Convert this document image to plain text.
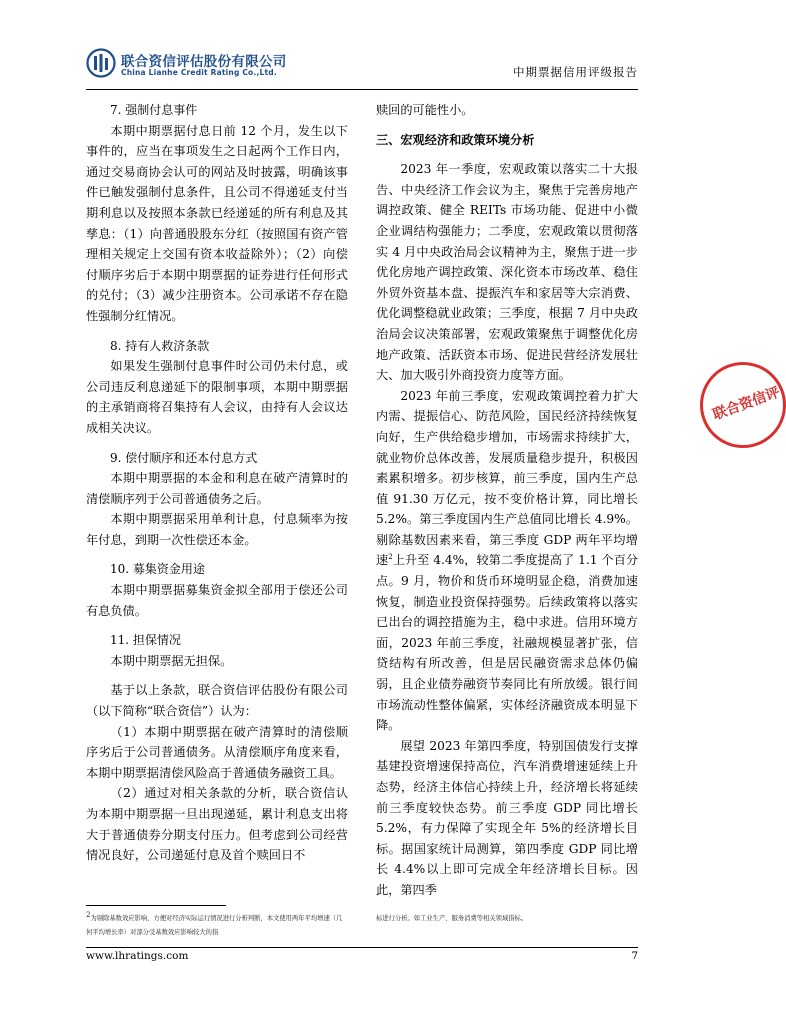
联合资信评估股份有限公司
China Lianhe Credit Rating Co.,Ltd.	中期票据信用评级报告
7. 强制付息事件

本期中期票据付息日前 12 个月，发生以下事件的，应当在事项发生之日起两个工作日内，通过交易商协会认可的网站及时披露，明确该事件已触发强制付息条件，且公司不得递延支付当期利息以及按照本条款已经递延的所有利息及其孳息：（1）向普通股股东分红（按照国有资产管理相关规定上交国有资本收益除外）；（2）向偿付顺序劣后于本期中期票据的证券进行任何形式的兑付；（3）减少注册资本。公司承诺不存在隐性强制分红情况。

8. 持有人救济条款

如果发生强制付息事件时公司仍未付息，或公司违反利息递延下的限制事项，本期中期票据的主承销商将召集持有人会议，由持有人会议达成相关决议。

9. 偿付顺序和还本付息方式

本期中期票据的本金和利息在破产清算时的清偿顺序列于公司普通债务之后。

本期中期票据采用单利计息，付息频率为按年付息，到期一次性偿还本金。

10. 募集资金用途

本期中期票据募集资金拟全部用于偿还公司有息负债。

11. 担保情况

本期中期票据无担保。

基于以上条款，联合资信评估股份有限公司（以下简称“联合资信”）认为：

（1）本期中期票据在破产清算时的清偿顺序劣后于公司普通债务。从清偿顺序角度来看，本期中期票据清偿风险高于普通债务融资工具。

（2）通过对相关条款的分析，联合资信认为本期中期票据一旦出现递延，累计利息支出将大于普通债券分期支付压力。但考虑到公司经营情况良好，公司递延付息及首个赎回日不

赎回的可能性小。

三、宏观经济和政策环境分析

2023 年一季度，宏观政策以落实二十大报告、中央经济工作会议为主，聚焦于完善房地产调控政策、健全 REITs 市场功能、促进中小微企业调结构强能力；二季度，宏观政策以贯彻落实 4 月中央政治局会议精神为主，聚焦于进一步优化房地产调控政策、深化资本市场改革、稳住外贸外资基本盘、提振汽车和家居等大宗消费、优化调整稳就业政策；三季度，根据 7 月中央政治局会议决策部署，宏观政策聚焦于调整优化房地产政策、活跃资本市场、促进民营经济发展壮大、加大吸引外商投资力度等方面。

2023 年前三季度，宏观政策调控着力扩大内需、提振信心、防范风险，国民经济持续恢复向好，生产供给稳步增加，市场需求持续扩大，就业物价总体改善，发展质量稳步提升，积极因素累积增多。初步核算，前三季度，国内生产总值 91.30 万亿元，按不变价格计算，同比增长 5.2%。第三季度国内生产总值同比增长 4.9%。剔除基数因素来看，第三季度 GDP 两年平均增速$^2$上升至 4.4%，较第二季度提高了 1.1 个百分点。9 月，物价和货币环境明显企稳，消费加速恢复，制造业投资保持强势。后续政策将以落实已出台的调控措施为主，稳中求进。信用环境方面，2023 年前三季度，社融规模显著扩张，信贷结构有所改善，但是居民融资需求总体仍偏弱，且企业债券融资节奏同比有所放缓。银行间市场流动性整体偏紧，实体经济融资成本明显下降。

展望 2023 年第四季度，特别国债发行支撑基建投资增速保持高位，汽车消费增速延续上升态势，经济主体信心持续上升，经济增长将延续前三季度较快态势。前三季度 GDP 同比增长 5.2%，有力保障了实现全年 5%的经济增长目标。据国家统计局测算，第四季度 GDP 同比增长 4.4%以上即可完成全年经济增长目标。因此，第四季

联合资信评
$^2$为剔除基数效应影响，方便对经济实际运行情况进行分析判断，本文使用两年平均增速（几何平均增长率）对部分受基数效应影响较大的指
标进行分析。如工业生产、服务消费等相关领域指标。
www.lhratings.com	7
